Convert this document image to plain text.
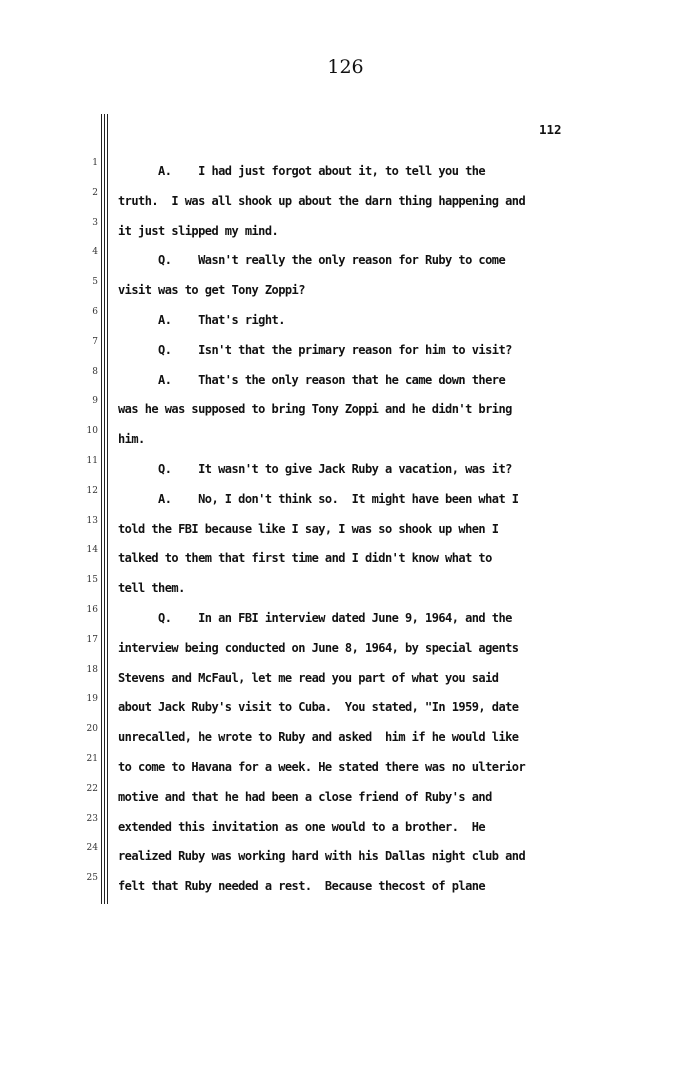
126
112
1
2
3
4
5
6
7
8
9
10
11
12
13
14
15
16
17
18
19
20
21
22
23
24
25
A.    I had just forgot about it, to tell you the
truth.  I was all shook up about the darn thing happening and
it just slipped my mind.
Q.    Wasn't really the only reason for Ruby to come
visit was to get Tony Zoppi?
A.    That's right.
Q.    Isn't that the primary reason for him to visit?
A.    That's the only reason that he came down there
was he was supposed to bring Tony Zoppi and he didn't bring
him.
Q.    It wasn't to give Jack Ruby a vacation, was it?
A.    No, I don't think so.  It might have been what I
told the FBI because like I say, I was so shook up when I
talked to them that first time and I didn't know what to
tell them.
Q.    In an FBI interview dated June 9, 1964, and the
interview being conducted on June 8, 1964, by special agents
Stevens and McFaul, let me read you part of what you said
about Jack Ruby's visit to Cuba.  You stated, "In 1959, date
unrecalled, he wrote to Ruby and asked  him if he would like
to come to Havana for a week. He stated there was no ulterior
motive and that he had been a close friend of Ruby's and
extended this invitation as one would to a brother.  He
realized Ruby was working hard with his Dallas night club and
felt that Ruby needed a rest.  Because thecost of plane
